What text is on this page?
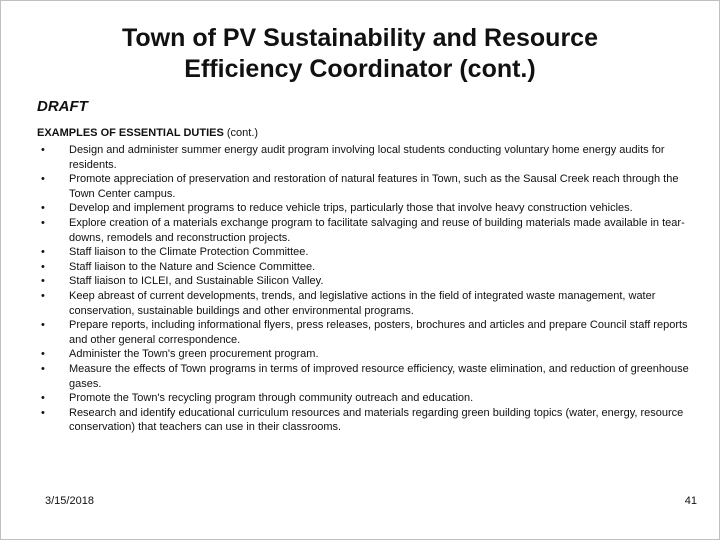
Town of PV Sustainability and Resource Efficiency Coordinator (cont.)
DRAFT
EXAMPLES OF ESSENTIAL DUTIES (cont.)
• Design and administer summer energy audit program involving local students conducting voluntary home energy audits for residents.
• Promote appreciation of preservation and restoration of natural features in Town, such as the Sausal Creek reach through the Town Center campus.
• Develop and implement programs to reduce vehicle trips, particularly those that involve heavy construction vehicles.
• Explore creation of a materials exchange program to facilitate salvaging and reuse of building materials made available in tear-downs, remodels and reconstruction projects.
• Staff liaison to the Climate Protection Committee.
• Staff liaison to the Nature and Science Committee.
• Staff liaison to ICLEI, and Sustainable Silicon Valley.
• Keep abreast of current developments, trends, and legislative actions in the field of integrated waste management, water conservation, sustainable buildings and other environmental programs.
• Prepare reports, including informational flyers, press releases, posters, brochures and articles and prepare Council staff reports and other general correspondence.
• Administer the Town's green procurement program.
• Measure the effects of Town programs in terms of improved resource efficiency, waste elimination, and reduction of greenhouse gases.
• Promote the Town's recycling program through community outreach and education.
• Research and identify educational curriculum resources and materials regarding green building topics (water, energy, resource conservation) that teachers can use in their classrooms.
3/15/2018	41
